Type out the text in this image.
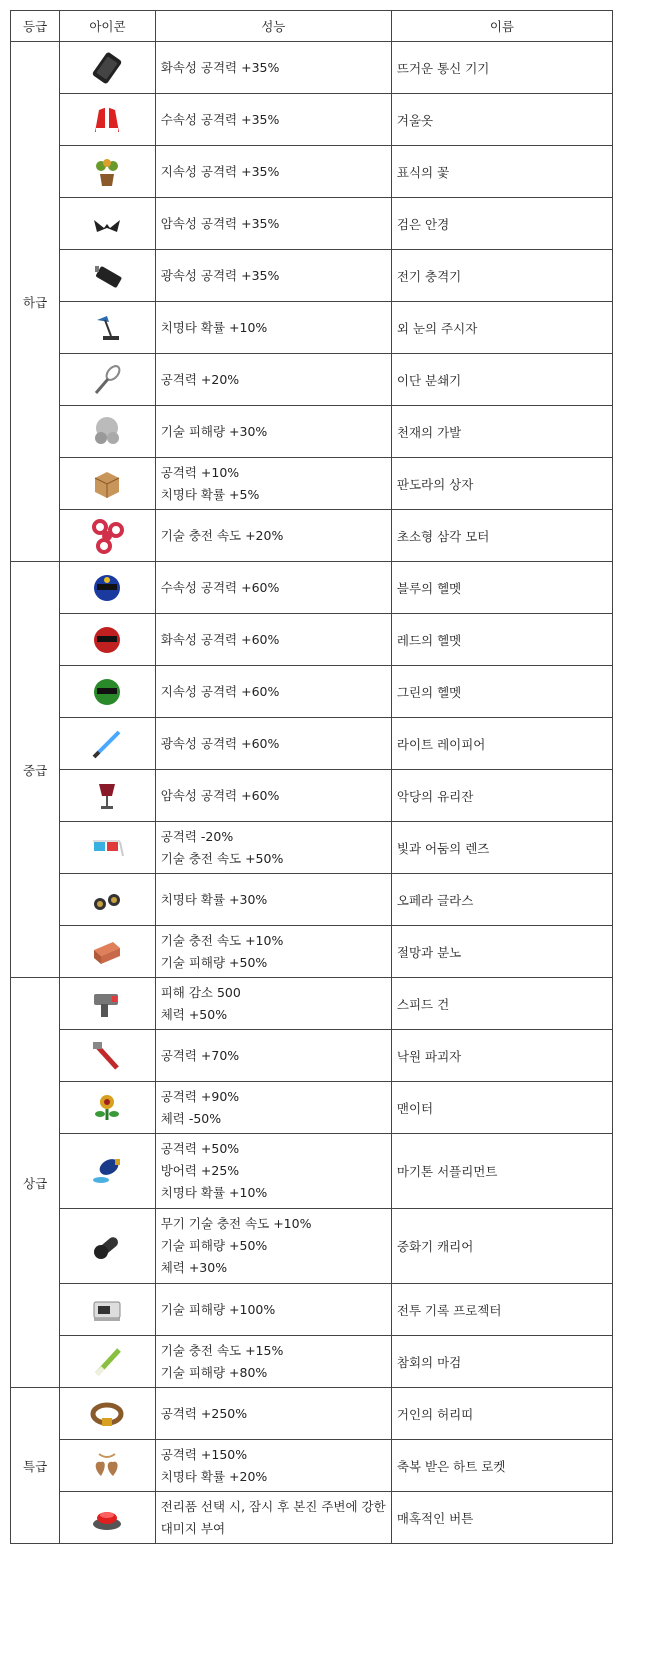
등급	아이콘	성능	이름
하급		화속성 공격력 +35%	뜨거운 통신 기기

수속성 공격력 +35%	겨울옷

지속성 공격력 +35%	표식의 꽃

암속성 공격력 +35%	검은 안경

광속성 공격력 +35%	전기 충격기

치명타 확률 +10%	외 눈의 주시자

공격력 +20%	이단 분쇄기

기술 피해량 +30%	천재의 가발

공격력 +10%
치명타 확률 +5%	판도라의 상자

기술 충전 속도 +20%	초소형 삼각 모터
중급		수속성 공격력 +60%	블루의 헬멧

화속성 공격력 +60%	레드의 헬멧

지속성 공격력 +60%	그린의 헬멧

광속성 공격력 +60%	라이트 레이피어

암속성 공격력 +60%	악당의 유리잔

공격력 -20%
기술 충전 속도 +50%	빛과 어둠의 렌즈

치명타 확률 +30%	오페라 글라스

기술 충전 속도 +10%
기술 피해량 +50%	절망과 분노
상급		피해 감소 500
체력 +50%	스피드 건

공격력 +70%	낙원 파괴자

공격력 +90%
체력 -50%	맨이터

공격력 +50%
방어력 +25%
치명타 확률 +10%	마기톤 서플리먼트

무기 기술 충전 속도 +10%
기술 피해량 +50%
체력 +30%	중화기 캐리어

기술 피해량 +100%	전투 기록 프로젝터

기술 충전 속도 +15%
기술 피해량 +80%	참회의 마검
특급		공격력 +250%	거인의 허리띠

공격력 +150%
치명타 확률 +20%	축복 받은 하트 로켓

전리품 선택 시, 잠시 후 본진 주변에 강한
대미지 부여	매혹적인 버튼
